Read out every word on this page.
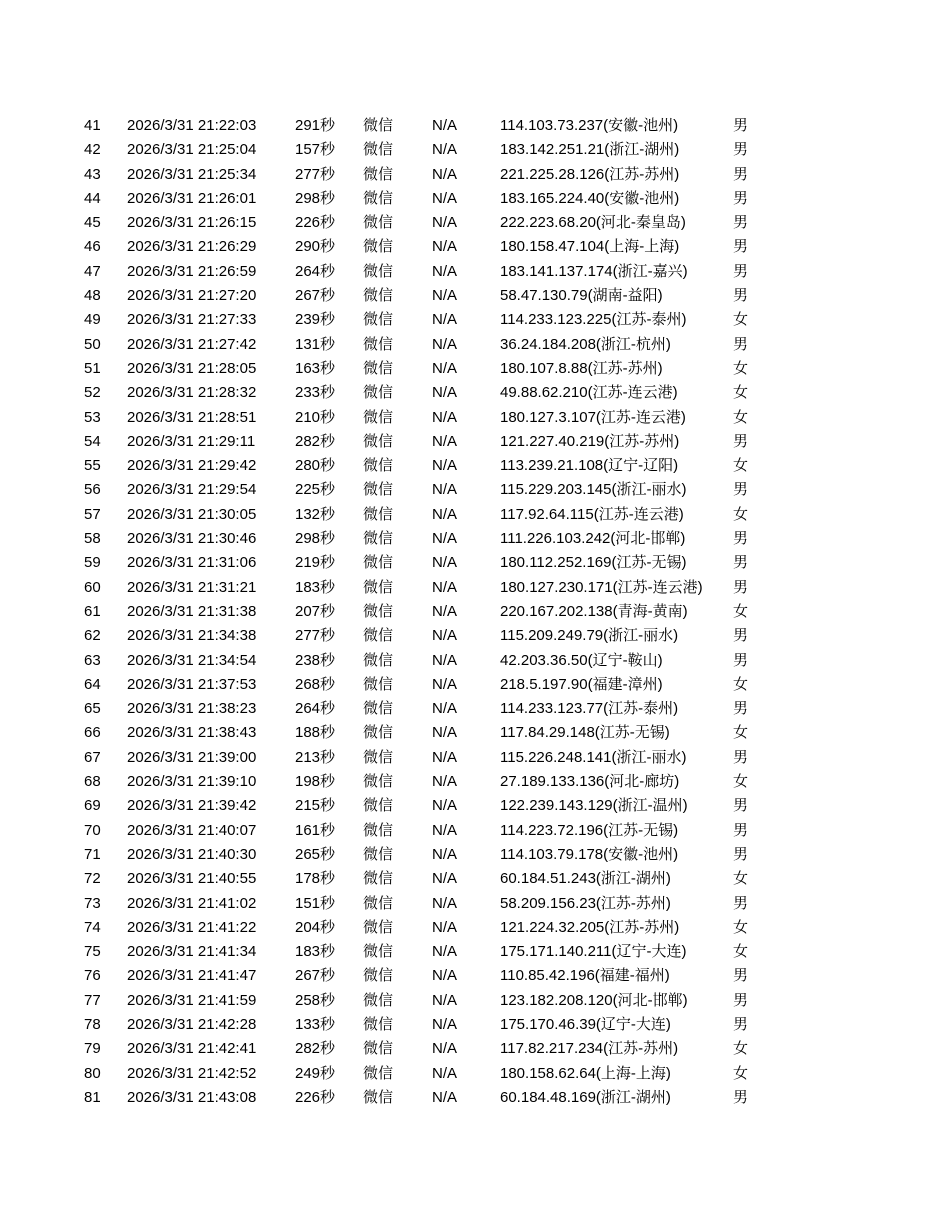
41 2026/3/31 21:22:03	291秒 微信	N/A	114.103.73.237(安徽-池州)	男
42 2026/3/31 21:25:04	157秒 微信	N/A	183.142.251.21(浙江-湖州)	男
43 2026/3/31 21:25:34	277秒 微信	N/A	221.225.28.126(江苏-苏州)	男
44 2026/3/31 21:26:01	298秒 微信	N/A	183.165.224.40(安徽-池州)	男
45 2026/3/31 21:26:15	226秒 微信	N/A	222.223.68.20(河北-秦皇岛)	男
46 2026/3/31 21:26:29	290秒 微信	N/A	180.158.47.104(上海-上海)	男
47 2026/3/31 21:26:59	264秒 微信	N/A	183.141.137.174(浙江-嘉兴)	男
48 2026/3/31 21:27:20	267秒 微信	N/A	58.47.130.79(湖南-益阳)	男
49 2026/3/31 21:27:33	239秒 微信	N/A	114.233.123.225(江苏-泰州)	女
50 2026/3/31 21:27:42	131秒 微信	N/A	36.24.184.208(浙江-杭州)	男
51 2026/3/31 21:28:05	163秒 微信	N/A	180.107.8.88(江苏-苏州)	女
52 2026/3/31 21:28:32	233秒 微信	N/A	49.88.62.210(江苏-连云港)	女
53 2026/3/31 21:28:51	210秒 微信	N/A	180.127.3.107(江苏-连云港)	女
54 2026/3/31 21:29:11	282秒 微信	N/A	121.227.40.219(江苏-苏州)	男
55 2026/3/31 21:29:42	280秒 微信	N/A	113.239.21.108(辽宁-辽阳)	女
56 2026/3/31 21:29:54	225秒 微信	N/A	115.229.203.145(浙江-丽水)	男
57 2026/3/31 21:30:05	132秒 微信	N/A	117.92.64.115(江苏-连云港)	女
58 2026/3/31 21:30:46	298秒 微信	N/A	111.226.103.242(河北-邯郸)	男
59 2026/3/31 21:31:06	219秒 微信	N/A	180.112.252.169(江苏-无锡)	男
60 2026/3/31 21:31:21	183秒 微信	N/A	180.127.230.171(江苏-连云港) 男
61 2026/3/31 21:31:38	207秒 微信	N/A	220.167.202.138(青海-黄南)	女
62 2026/3/31 21:34:38	277秒 微信	N/A	115.209.249.79(浙江-丽水)	男
63 2026/3/31 21:34:54	238秒 微信	N/A	42.203.36.50(辽宁-鞍山)	男
64 2026/3/31 21:37:53	268秒 微信	N/A	218.5.197.90(福建-漳州)	女
65 2026/3/31 21:38:23	264秒 微信	N/A	114.233.123.77(江苏-泰州)	男
66 2026/3/31 21:38:43	188秒 微信	N/A	117.84.29.148(江苏-无锡)	女
67 2026/3/31 21:39:00	213秒 微信	N/A	115.226.248.141(浙江-丽水)	男
68 2026/3/31 21:39:10	198秒 微信	N/A	27.189.133.136(河北-廊坊)	女
69 2026/3/31 21:39:42	215秒 微信	N/A	122.239.143.129(浙江-温州)	男
70 2026/3/31 21:40:07	161秒 微信	N/A	114.223.72.196(江苏-无锡)	男
71 2026/3/31 21:40:30	265秒 微信	N/A	114.103.79.178(安徽-池州)	男
72 2026/3/31 21:40:55	178秒 微信	N/A	60.184.51.243(浙江-湖州)	女
73 2026/3/31 21:41:02	151秒 微信	N/A	58.209.156.23(江苏-苏州)	男
74 2026/3/31 21:41:22	204秒 微信	N/A	121.224.32.205(江苏-苏州)	女
75 2026/3/31 21:41:34	183秒 微信	N/A	175.171.140.211(辽宁-大连)	女
76 2026/3/31 21:41:47	267秒 微信	N/A	110.85.42.196(福建-福州)	男
77 2026/3/31 21:41:59	258秒 微信	N/A	123.182.208.120(河北-邯郸)	男
78 2026/3/31 21:42:28	133秒 微信	N/A	175.170.46.39(辽宁-大连)	男
79 2026/3/31 21:42:41	282秒 微信	N/A	117.82.217.234(江苏-苏州)	女
80 2026/3/31 21:42:52	249秒 微信	N/A	180.158.62.64(上海-上海)	女
81 2026/3/31 21:43:08	226秒 微信	N/A	60.184.48.169(浙江-湖州)	男
